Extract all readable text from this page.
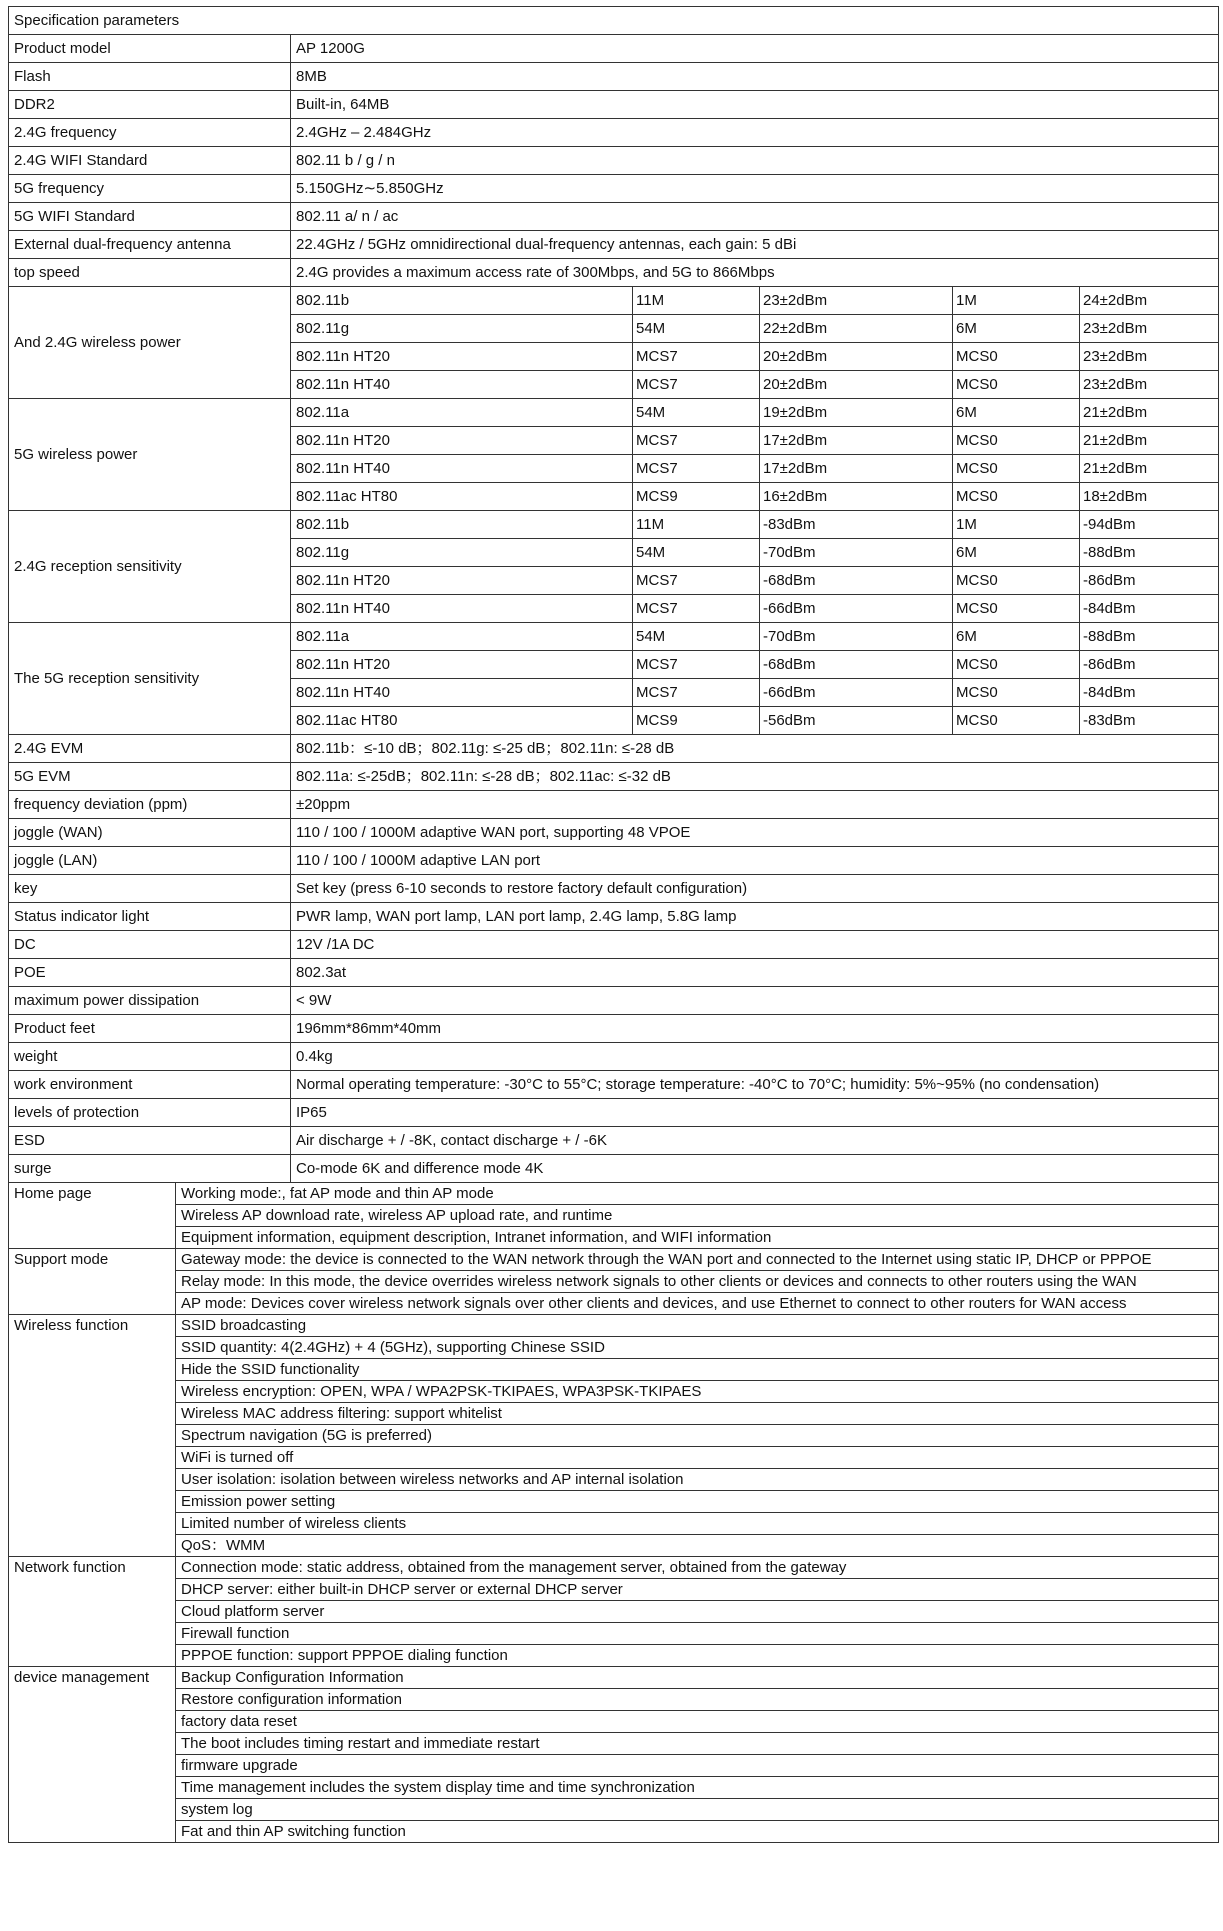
Specification parameters					
Product model	AP 1200G				
Flash	8MB				
DDR2	Built-in, 64MB				
2.4G frequency	2.4GHz – 2.484GHz				
2.4G WIFI Standard	802.11 b / g / n				
5G frequency	5.150GHz∼5.850GHz				
5G WIFI Standard	802.11 a/ n / ac				
External dual-frequency antenna	22.4GHz / 5GHz omnidirectional dual-frequency antennas, each gain: 5 dBi				
top speed	2.4G provides a maximum access rate of 300Mbps, and 5G to 866Mbps				
And 2.4G wireless power	802.11b	11M	23±2dBm	1M	24±2dBm
	802.11g	54M	22±2dBm	6M	23±2dBm
	802.11n HT20	MCS7	20±2dBm	MCS0	23±2dBm
	802.11n HT40	MCS7	20±2dBm	MCS0	23±2dBm
5G wireless power	802.11a	54M	19±2dBm	6M	21±2dBm
	802.11n HT20	MCS7	17±2dBm	MCS0	21±2dBm
	802.11n HT40	MCS7	17±2dBm	MCS0	21±2dBm
	802.11ac HT80	MCS9	16±2dBm	MCS0	18±2dBm
2.4G reception sensitivity	802.11b	11M	-83dBm	1M	-94dBm
	802.11g	54M	-70dBm	6M	-88dBm
	802.11n HT20	MCS7	-68dBm	MCS0	-86dBm
	802.11n HT40	MCS7	-66dBm	MCS0	-84dBm
The 5G reception sensitivity	802.11a	54M	-70dBm	6M	-88dBm
	802.11n HT20	MCS7	-68dBm	MCS0	-86dBm
	802.11n HT40	MCS7	-66dBm	MCS0	-84dBm
	802.11ac HT80	MCS9	-56dBm	MCS0	-83dBm
2.4G EVM	802.11b：≤-10 dB；802.11g: ≤-25 dB；802.11n: ≤-28 dB				
5G EVM	802.11a: ≤-25dB；802.11n: ≤-28 dB；802.11ac: ≤-32 dB				
frequency deviation (ppm)	±20ppm				
joggle (WAN)	110 / 100 / 1000M adaptive WAN port, supporting 48 VPOE				
joggle (LAN)	110 / 100 / 1000M adaptive LAN port				
key	Set key (press 6-10 seconds to restore factory default configuration)				
Status indicator light	PWR lamp, WAN port lamp, LAN port lamp, 2.4G lamp, 5.8G lamp				
DC	12V /1A DC				
POE	802.3at				
maximum power dissipation	< 9W				
Product feet	196mm*86mm*40mm				
weight	0.4kg				
work environment	Normal operating temperature: -30°C to 55°C; storage temperature: -40°C to 70°C; humidity: 5%~95% (no condensation)				
levels of protection	IP65				
ESD	Air discharge + / -8K, contact discharge + / -6K				
surge	Co-mode 6K and difference mode 4K				
Home page	Working mode:, fat AP mode and thin AP mode
	Wireless AP download rate, wireless AP upload rate, and runtime
	Equipment information, equipment description, Intranet information, and WIFI information
Support mode	Gateway mode: the device is connected to the WAN network through the WAN port and connected to the Internet using static IP, DHCP or PPPOE
	Relay mode: In this mode, the device overrides wireless network signals to other clients or devices and connects to other routers using the WAN
	AP mode: Devices cover wireless network signals over other clients and devices, and use Ethernet to connect to other routers for WAN access
Wireless function	SSID broadcasting
	SSID quantity: 4(2.4GHz) + 4 (5GHz), supporting Chinese SSID
	Hide the SSID functionality
	Wireless encryption: OPEN, WPA / WPA2PSK-TKIPAES, WPA3PSK-TKIPAES
	Wireless MAC address filtering: support whitelist
	Spectrum navigation (5G is preferred)
	WiFi is turned off
	User isolation: isolation between wireless networks and AP internal isolation
	Emission power setting
	Limited number of wireless clients
	QoS：WMM
Network function	Connection mode: static address, obtained from the management server, obtained from the gateway
	DHCP server: either built-in DHCP server or external DHCP server
	Cloud platform server
	Firewall function
	PPPOE function: support PPPOE dialing function
device management	Backup Configuration Information
	Restore configuration information
	factory data reset
	The boot includes timing restart and immediate restart
	firmware upgrade
	Time management includes the system display time and time synchronization
	system log
	Fat and thin AP switching function
